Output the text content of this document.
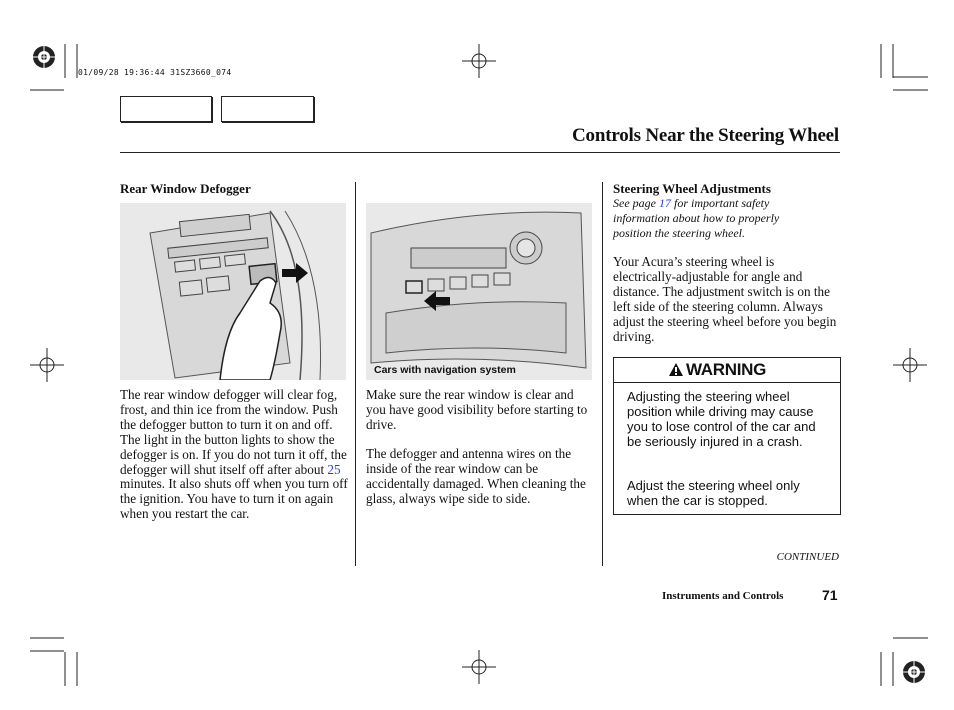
01/09/28 19:36:44 31SZ3660_074
Controls Near the Steering Wheel
Rear Window Defogger
The rear window defogger will clear fog, frost, and thin ice from the window. Push the defogger button to turn it on and off. The light in the button lights to show the defogger is on. If you do not turn it off, the defogger will shut itself off after about 25 minutes. It also shuts off when you turn off the ignition. You have to turn it on again when you restart the car.
Cars with navigation system
Make sure the rear window is clear and you have good visibility before starting to drive.
The defogger and antenna wires on the inside of the rear window can be accidentally damaged. When cleaning the glass, always wipe side to side.
Steering Wheel Adjustments
See page 17 for important safety information about how to properly position the steering wheel.
Your Acura’s steering wheel is electrically-adjustable for angle and distance. The adjustment switch is on the left side of the steering column. Always adjust the steering wheel before you begin driving.
WARNING
Adjusting the steering wheel position while driving may cause you to lose control of the car and be seriously injured in a crash.
Adjust the steering wheel only when the car is stopped.
CONTINUED
Instruments and Controls	71
